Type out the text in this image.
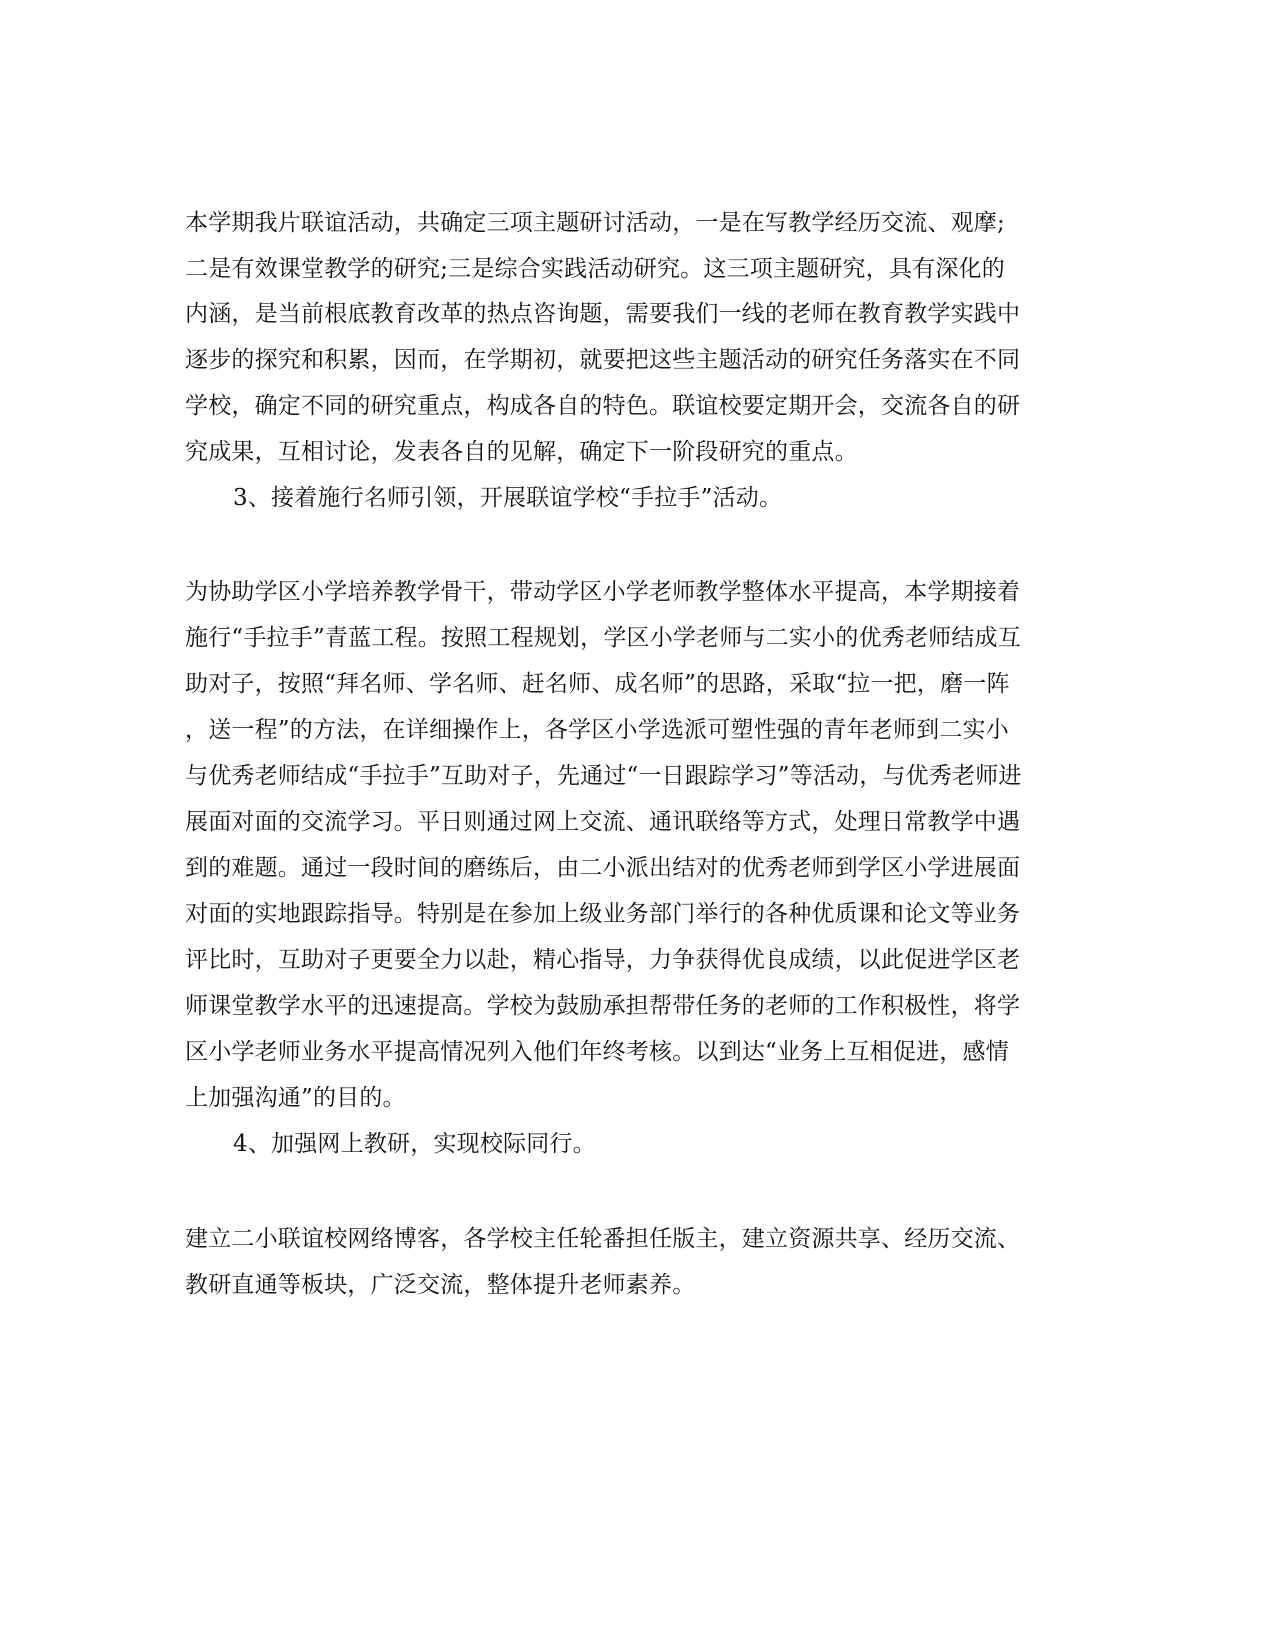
本学期我片联谊活动，共确定三项主题研讨活动，一是在写教学经历交流、观摩;

二是有效课堂教学的研究;三是综合实践活动研究。这三项主题研究，具有深化的

内涵，是当前根底教育改革的热点咨询题，需要我们一线的老师在教育教学实践中

逐步的探究和积累，因而，在学期初，就要把这些主题活动的研究任务落实在不同

学校，确定不同的研究重点，构成各自的特色。联谊校要定期开会，交流各自的研

究成果，互相讨论，发表各自的见解，确定下一阶段研究的重点。

3、接着施行名师引领，开展联谊学校“手拉手”活动。

为协助学区小学培养教学骨干，带动学区小学老师教学整体水平提高，本学期接着

施行“手拉手”青蓝工程。按照工程规划，学区小学老师与二实小的优秀老师结成互

助对子，按照“拜名师、学名师、赶名师、成名师”的思路，采取“拉一把，磨一阵

，送一程”的方法，在详细操作上，各学区小学选派可塑性强的青年老师到二实小

与优秀老师结成“手拉手”互助对子，先通过“一日跟踪学习”等活动，与优秀老师进

展面对面的交流学习。平日则通过网上交流、通讯联络等方式，处理日常教学中遇

到的难题。通过一段时间的磨练后，由二小派出结对的优秀老师到学区小学进展面

对面的实地跟踪指导。特别是在参加上级业务部门举行的各种优质课和论文等业务

评比时，互助对子更要全力以赴，精心指导，力争获得优良成绩，以此促进学区老

师课堂教学水平的迅速提高。学校为鼓励承担帮带任务的老师的工作积极性，将学

区小学老师业务水平提高情况列入他们年终考核。以到达“业务上互相促进，感情

上加强沟通”的目的。

4、加强网上教研，实现校际同行。

建立二小联谊校网络博客，各学校主任轮番担任版主，建立资源共享、经历交流、

教研直通等板块，广泛交流，整体提升老师素养。
